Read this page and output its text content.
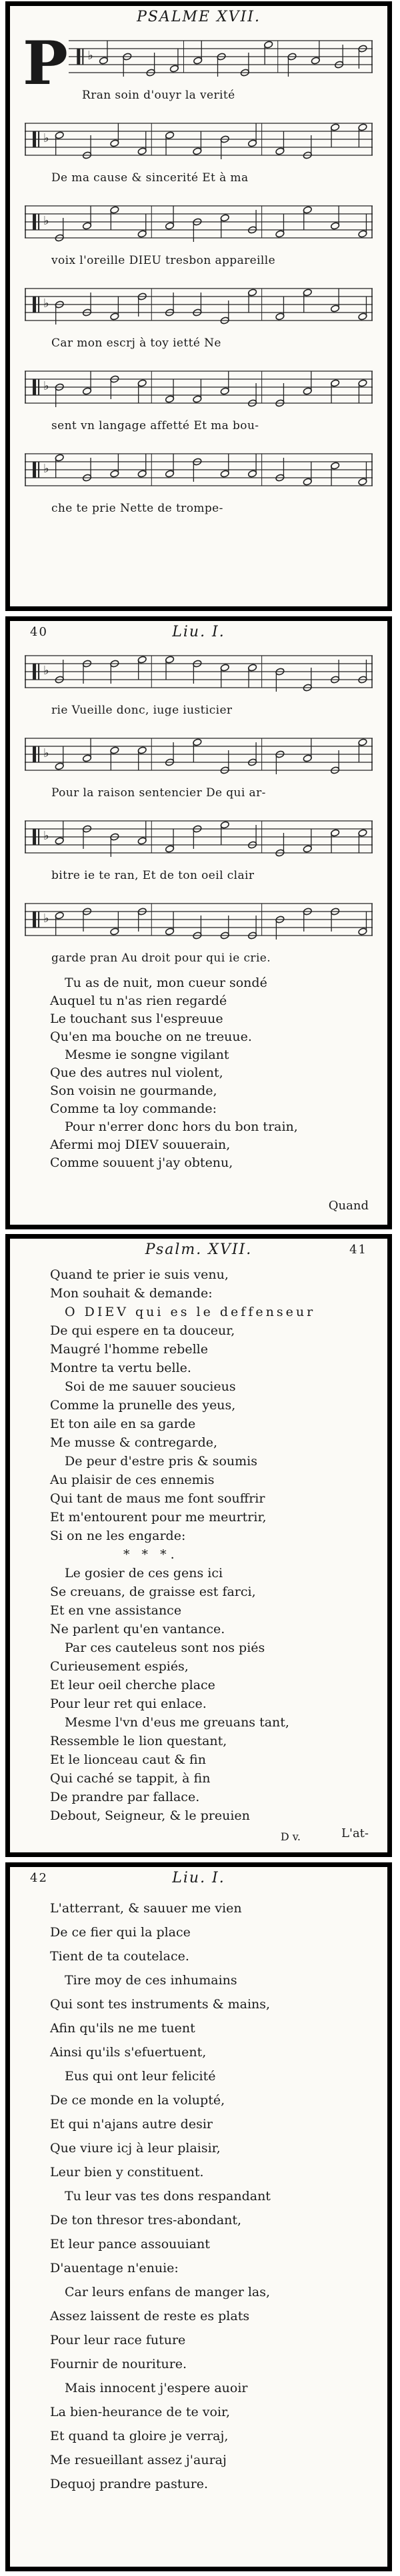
PSALME XVII.
P ♭
Rran soin d'ouyr la verité
♭
De ma cause & sincerité Et à ma
♭
voix l'oreille DIEU tresbon appareille
♭
Car mon escrj à toy ietté Ne
♭
sent vn langage affetté Et ma bou-
♭
che te prie Nette de trompe-
40	Liu. I.
♭
rie Vueille donc, iuge iusticier
♭
Pour la raison sentencier De qui ar-
♭
bitre ie te ran, Et de ton oeil clair
♭
garde pran Au droit pour qui ie crie.
Tu as de nuit, mon cueur sondé
Auquel tu n'as rien regardé
Le touchant sus l'espreuue
Qu'en ma bouche on ne treuue.
Mesme ie songne vigilant
Que des autres nul violent,
Son voisin ne gourmande,
Comme ta loy commande:
Pour n'errer donc hors du bon train,
Afermi moj DIEV souuerain,
Comme souuent j'ay obtenu,
Quand
Psalm. XVII.	41
Quand te prier ie suis venu,
Mon souhait & demande:
O DIEV qui es le deffenseur
De qui espere en ta douceur,
Maugré l'homme rebelle
Montre ta vertu belle.
Soi de me sauuer soucieus
Comme la prunelle des yeus,
Et ton aile en sa garde
Me musse & contregarde,
De peur d'estre pris & soumis
Au plaisir de ces ennemis
Qui tant de maus me font souffrir
Et m'entourent pour me meurtrir,
Si on ne les engarde:
* * *.
Le gosier de ces gens ici
Se creuans, de graisse est farci,
Et en vne assistance
Ne parlent qu'en vantance.
Par ces cauteleus sont nos piés
Curieusement espiés,
Et leur oeil cherche place
Pour leur ret qui enlace.
Mesme l'vn d'eus me greuans tant,
Ressemble le lion questant,
Et le lionceau caut & fin
Qui caché se tappit, à fin
De prandre par fallace.
Debout, Seigneur, & le preuien
D v.	L'at-
42	Liu. I.
L'atterrant, & sauuer me vien
De ce fier qui la place
Tient de ta coutelace.
Tire moy de ces inhumains
Qui sont tes instruments & mains,
Afin qu'ils ne me tuent
Ainsi qu'ils s'efuertuent,
Eus qui ont leur felicité
De ce monde en la volupté,
Et qui n'ajans autre desir
Que viure icj à leur plaisir,
Leur bien y constituent.
Tu leur vas tes dons respandant
De ton thresor tres-abondant,
Et leur pance assouuiant
D'auentage n'enuie:
Car leurs enfans de manger las,
Assez laissent de reste es plats
Pour leur race future
Fournir de nouriture.
Mais innocent j'espere auoir
La bien-heurance de te voir,
Et quand ta gloire je verraj,
Me resueillant assez j'auraj
Dequoj prandre pasture.
